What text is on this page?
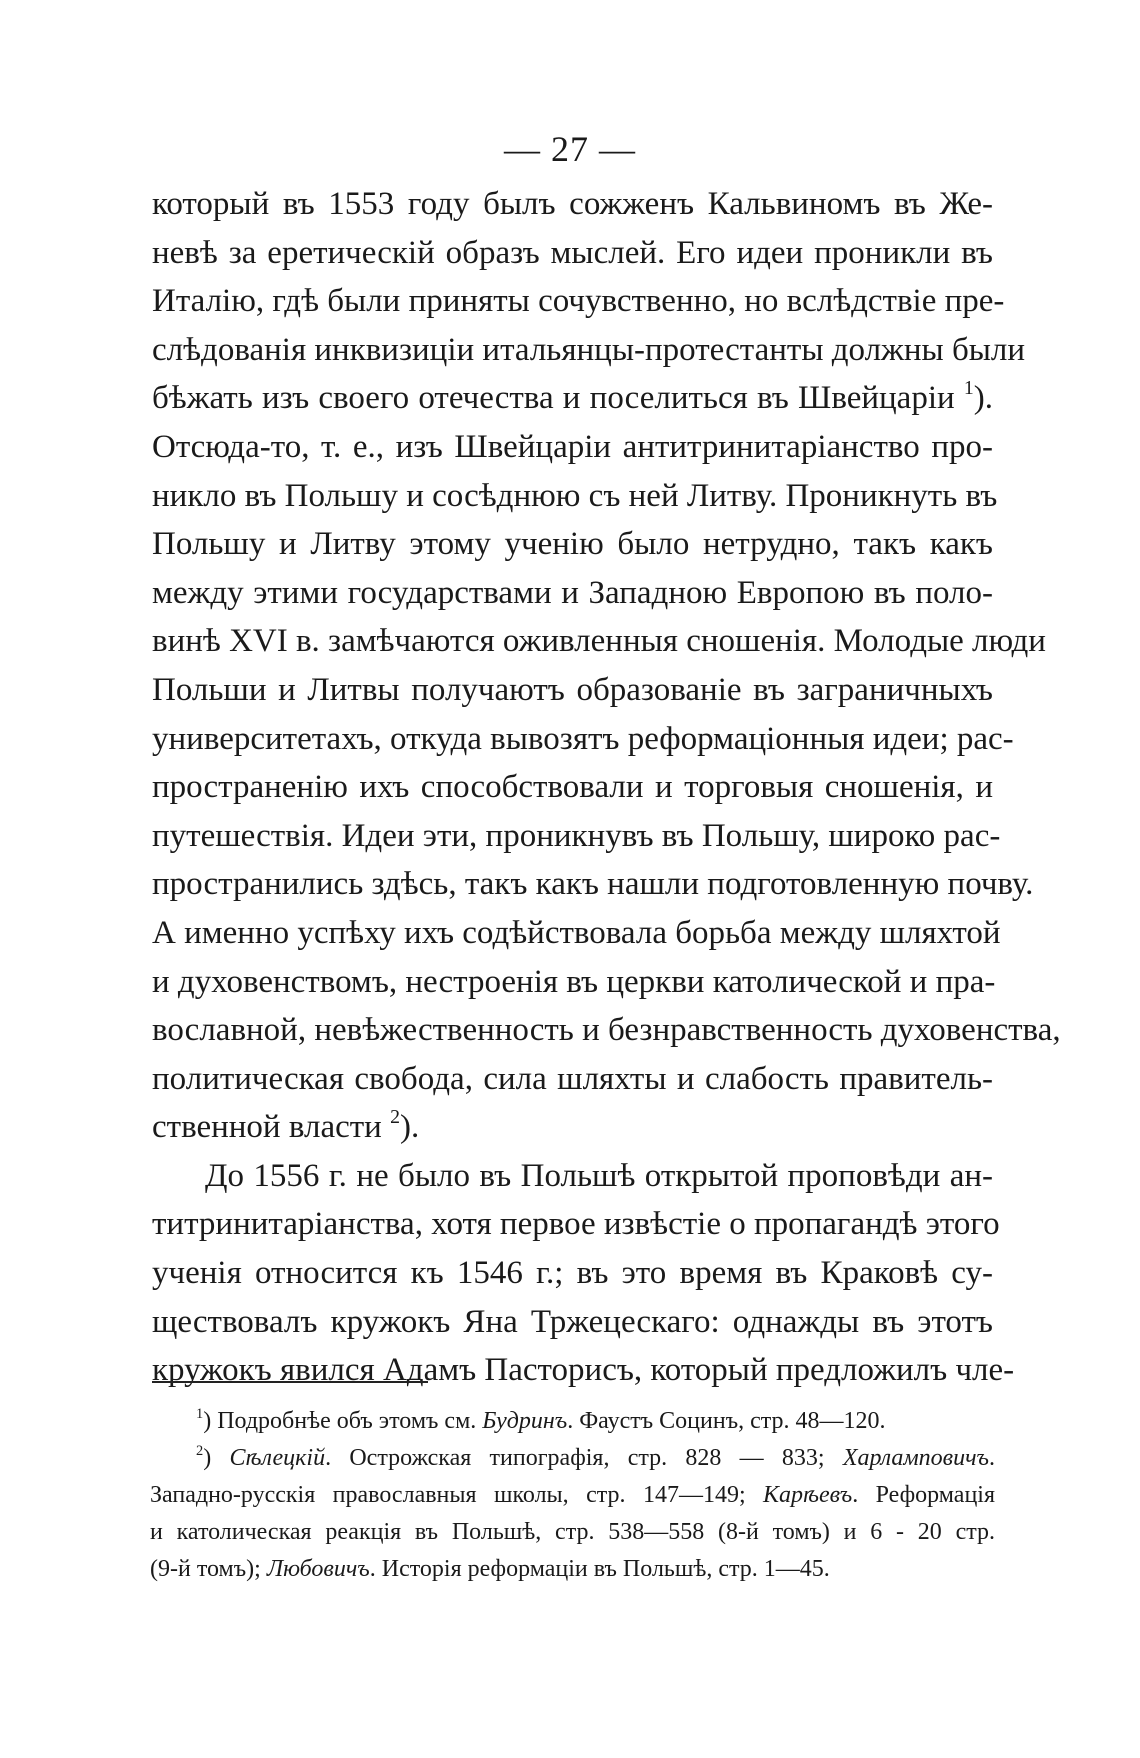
— 27 —
который въ 1553 году былъ сожженъ Кальвиномъ въ Же-
невѣ за еретическій образъ мыслей. Его идеи проникли въ
Италію, гдѣ были приняты сочувственно, но вслѣдствіе пре-
слѣдованія инквизиціи итальянцы-протестанты должны были
бѣжать изъ своего отечества и поселиться въ Швейцаріи $^1$).
Отсюда-то, т. е., изъ Швейцаріи антитринитаріанство про-
никло въ Польшу и сосѣднюю съ ней Литву. Проникнуть въ
Польшу и Литву этому ученію было нетрудно, такъ какъ
между этими государствами и Западною Европою въ поло-
винѣ XVI в. замѣчаются оживленныя сношенія. Молодые люди
Польши и Литвы получаютъ образованіе въ заграничныхъ
университетахъ, откуда вывозятъ реформаціонныя идеи; рас-
пространенію ихъ способствовали и торговыя сношенія, и
путешествія. Идеи эти, проникнувъ въ Польшу, широко рас-
пространились здѣсь, такъ какъ нашли подготовленную почву.
А именно успѣху ихъ содѣйствовала борьба между шляхтой
и духовенствомъ, нестроенія въ церкви католической и пра-
вославной, невѣжественность и безнравственность духовенства,
политическая свобода, сила шляхты и слабость правитель-
ственной власти $^2$).
До 1556 г. не было въ Польшѣ открытой проповѣди ан-
титринитаріанства, хотя первое извѣстіе о пропагандѣ этого
ученія относится къ 1546 г.; въ это время въ Краковѣ су-
ществовалъ кружокъ Яна Тржецескаго: однажды въ этотъ
кружокъ явился Адамъ Пасторисъ, который предложилъ чле-
$^1$) Подробнѣе объ этомъ см. Будринъ. Фаустъ Социнъ, стр. 48—120.
$^2$) Сѣлецкій. Острожская типографія, стр. 828 — 833; Харламповичъ.
Западно-русскія православныя школы, стр. 147—149; Карѣевъ. Реформація
и католическая реакція въ Польшѣ, стр. 538—558 (8-й томъ) и 6 - 20 стр.
(9-й томъ); Любовичъ. Исторія реформаціи въ Польшѣ, стр. 1—45.
